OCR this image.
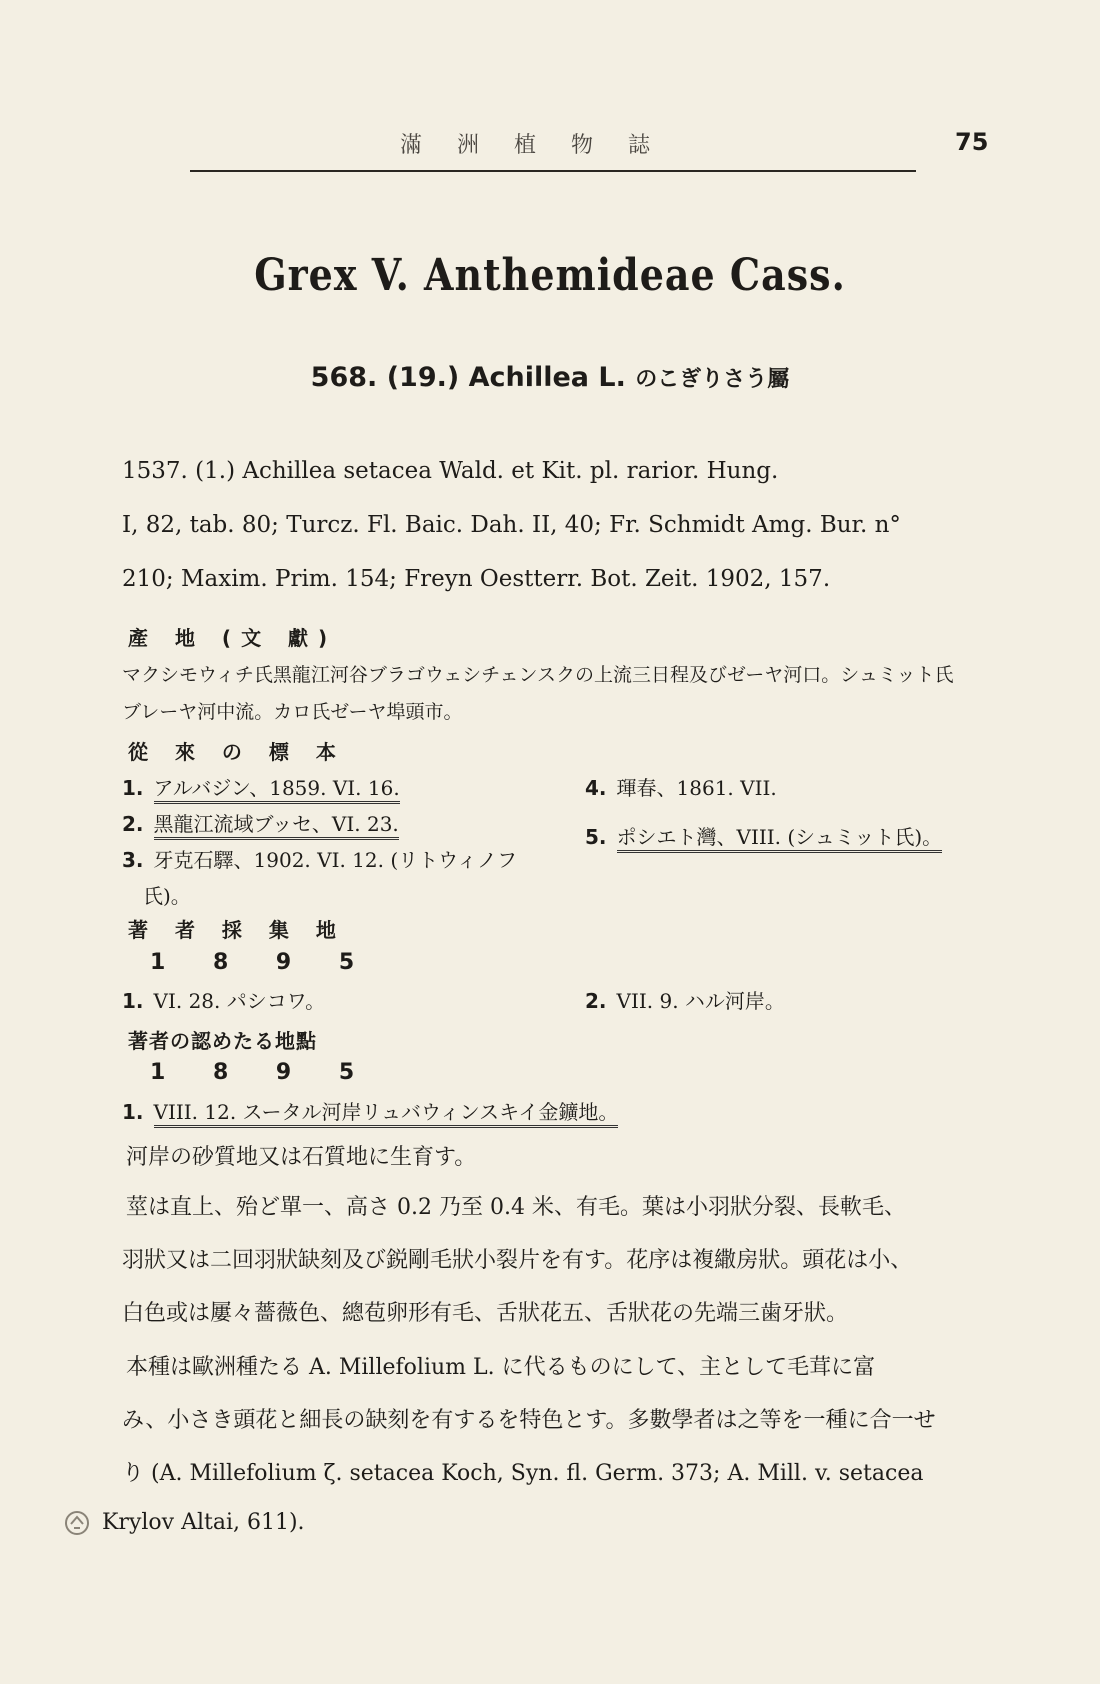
滿 洲 植 物 誌	75
Grex V. Anthemideae Cass.
568. (19.) Achillea L. のこぎりさう屬
1537. (1.) Achillea setacea Wald. et Kit. pl. rarior. Hung.
I, 82, tab. 80; Turcz. Fl. Baic. Dah. II, 40; Fr. Schmidt Amg. Bur. n°
210; Maxim. Prim. 154; Freyn Oestterr. Bot. Zeit. 1902, 157.
產 地 (文 獻)
マクシモウィチ氏黑龍江河谷ブラゴウェシチェンスクの上流三日程及びゼーヤ河口。シュミット氏
ブレーヤ河中流。カロ氏ゼーヤ埠頭市。
從 來 の 標 本
1. アルバジン、1859. VI. 16.
2. 黑龍江流域ブッセ、VI. 23.
3. 牙克石驛、1902. VI. 12. (リトウィノフ
氏)。
4. 琿春、1861. VII.
5. ポシエト灣、VIII. (シュミット氏)。
著 者 採 集 地
1 8 9 5
1. VI. 28. パシコワ。	2. VII. 9. ハル河岸。
著者の認めたる地點
1 8 9 5
1. VIII. 12. スータル河岸リュバウィンスキイ金鑛地。
河岸の砂質地又は石質地に生育す。
莖は直上、殆ど單一、高さ 0.2 乃至 0.4 米、有毛。葉は小羽狀分裂、長軟毛、
羽狀又は二回羽狀缺刻及び鋭剛毛狀小裂片を有す。花序は複繖房狀。頭花は小、
白色或は屢々薔薇色、總苞卵形有毛、舌狀花五、舌狀花の先端三歯牙狀。
本種は歐洲種たる A. Millefolium L. に代るものにして、主として毛茸に富
み、小さき頭花と細長の缺刻を有するを特色とす。多數學者は之等を一種に合一せ
り (A. Millefolium ζ. setacea Koch, Syn. fl. Germ. 373; A. Mill. v. setacea
Krylov Altai, 611).
